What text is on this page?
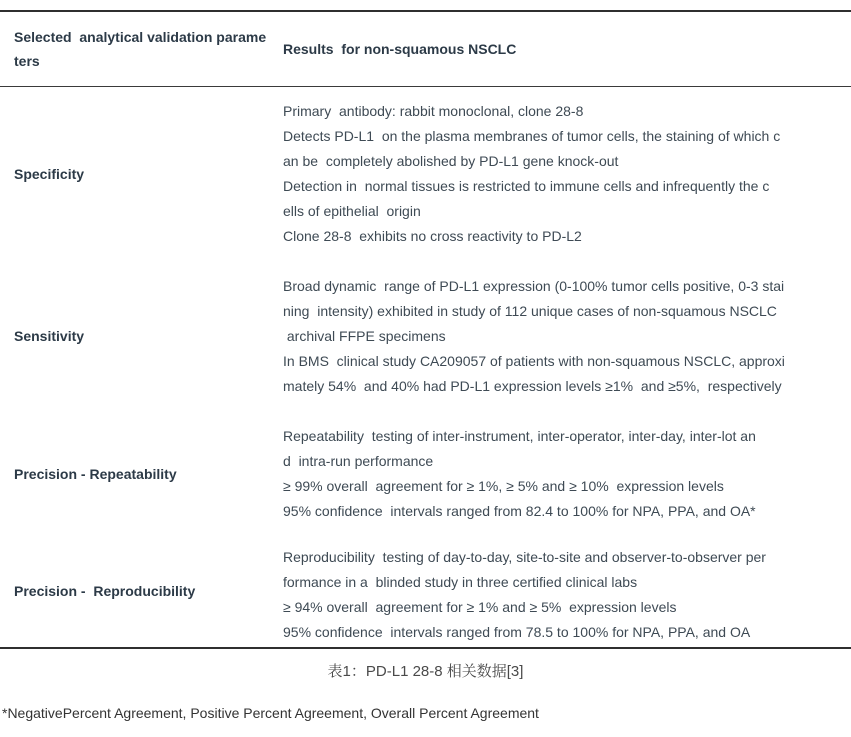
Selected  analytical validation parame
ters
Results  for non-squamous NSCLC
Specificity
Primary  antibody: rabbit monoclonal, clone 28-8
Detects PD-L1  on the plasma membranes of tumor cells, the staining of which c
an be  completely abolished by PD-L1 gene knock-out
Detection in  normal tissues is restricted to immune cells and infrequently the c
ells of epithelial  origin
Clone 28-8  exhibits no cross reactivity to PD-L2
Sensitivity
Broad dynamic  range of PD-L1 expression (0-100% tumor cells positive, 0-3 stai
ning  intensity) exhibited in study of 112 unique cases of non-squamous NSCLC
archival FFPE specimens
In BMS  clinical study CA209057 of patients with non-squamous NSCLC, approxi
mately 54%  and 40% had PD-L1 expression levels ≥1%  and ≥5%,  respectively
Precision - Repeatability
Repeatability  testing of inter-instrument, inter-operator, inter-day, inter-lot an
d  intra-run performance
≥ 99% overall  agreement for ≥ 1%, ≥ 5% and ≥ 10%  expression levels
95% confidence  intervals ranged from 82.4 to 100% for NPA, PPA, and OA*
Precision -  Reproducibility
Reproducibility  testing of day-to-day, site-to-site and observer-to-observer per
formance in a  blinded study in three certified clinical labs
≥ 94% overall  agreement for ≥ 1% and ≥ 5%  expression levels
95% confidence  intervals ranged from 78.5 to 100% for NPA, PPA, and OA
表1：PD-L1 28-8 相关数据[3]
*NegativePercent Agreement, Positive Percent Agreement, Overall Percent Agreement
